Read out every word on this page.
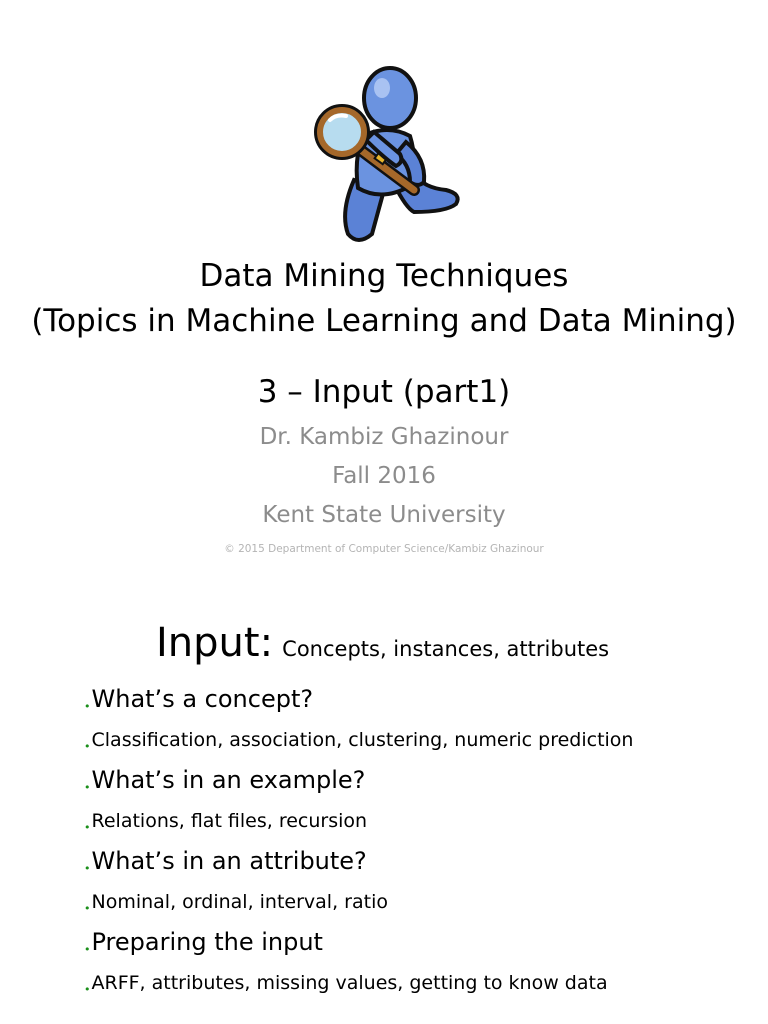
Data Mining Techniques
(Topics in Machine Learning and Data Mining)
3 – Input (part1)
Dr. Kambiz Ghazinour
Fall 2016
Kent State University
© 2015 Department of Computer Science/Kambiz Ghazinour
Input: Concepts, instances, attributes
•What’s a concept?
•Classification, association, clustering, numeric prediction
•What’s in an example?
•Relations, flat files, recursion
•What’s in an attribute?
•Nominal, ordinal, interval, ratio
•Preparing the input
•ARFF, attributes, missing values, getting to know data
